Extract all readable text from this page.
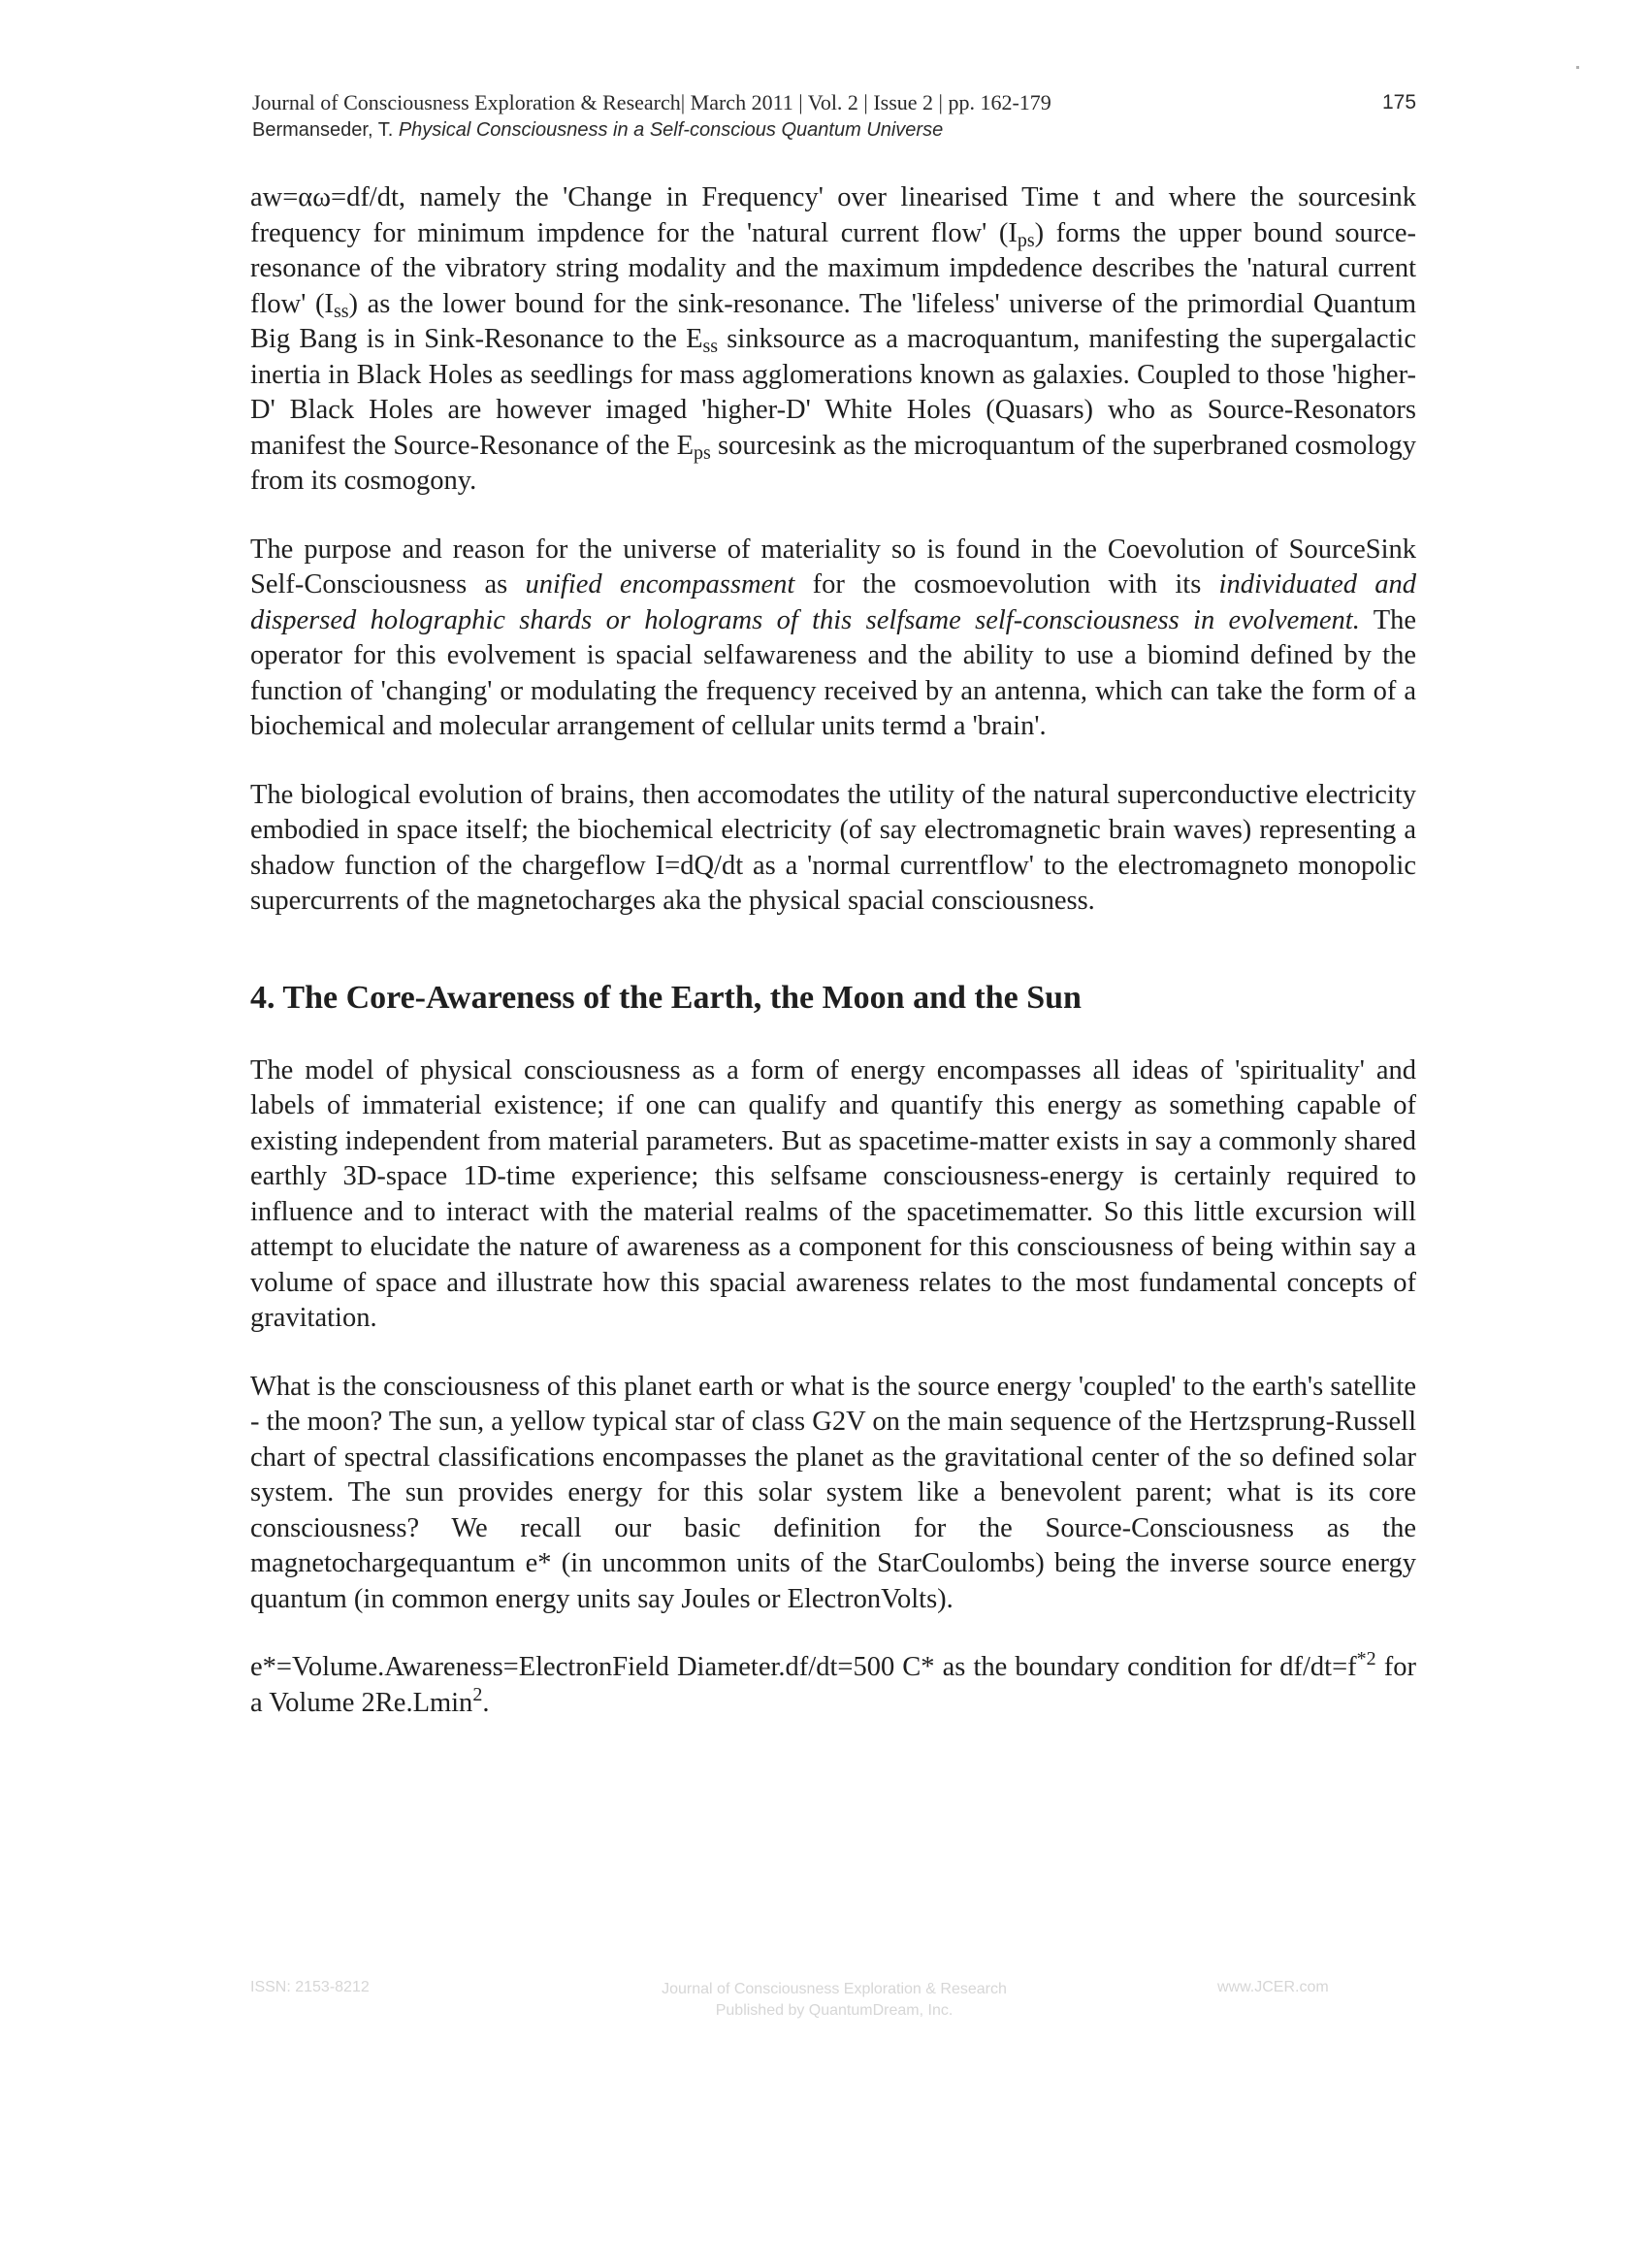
Journal of Consciousness Exploration & Research| March 2011 | Vol. 2 | Issue 2 | pp. 162-179
Bermanseder, T. Physical Consciousness in a Self-conscious Quantum Universe
175

aw=αω=df/dt, namely the 'Change in Frequency' over linearised Time t and where the sourcesink frequency for minimum impdence for the 'natural current flow' $(I_{ps})$ forms the upper bound source-resonance of the vibratory string modality and the maximum impdedence describes the 'natural current flow' $(I_{ss})$ as the lower bound for the sink-resonance. The 'lifeless' universe of the primordial Quantum Big Bang is in Sink-Resonance to the $E_{ss}$ sinksource as a macroquantum, manifesting the supergalactic inertia in Black Holes as seedlings for mass agglomerations known as galaxies. Coupled to those 'higher-D' Black Holes are however imaged 'higher-D' White Holes (Quasars) who as Source-Resonators manifest the Source-Resonance of the $E_{ps}$ sourcesink as the microquantum of the superbraned cosmology from its cosmogony.

The purpose and reason for the universe of materiality so is found in the Coevolution of SourceSink Self-Consciousness as unified encompassment for the cosmoevolution with its individuated and dispersed holographic shards or holograms of this selfsame self-consciousness in evolvement. The operator for this evolvement is spacial selfawareness and the ability to use a biomind defined by the function of 'changing' or modulating the frequency received by an antenna, which can take the form of a biochemical and molecular arrangement of cellular units termd a 'brain'.

The biological evolution of brains, then accomodates the utility of the natural superconductive electricity embodied in space itself; the biochemical electricity (of say electromagnetic brain waves) representing a shadow function of the chargeflow I=dQ/dt as a 'normal currentflow' to the electromagneto monopolic supercurrents of the magnetocharges aka the physical spacial consciousness.

4. The Core-Awareness of the Earth, the Moon and the Sun

The model of physical consciousness as a form of energy encompasses all ideas of 'spirituality' and labels of immaterial existence; if one can qualify and quantify this energy as something capable of existing independent from material parameters. But as spacetime-matter exists in say a commonly shared earthly 3D-space 1D-time experience; this selfsame consciousness-energy is certainly required to influence and to interact with the material realms of the spacetimematter. So this little excursion will attempt to elucidate the nature of awareness as a component for this consciousness of being within say a volume of space and illustrate how this spacial awareness relates to the most fundamental concepts of gravitation.

What is the consciousness of this planet earth or what is the source energy 'coupled' to the earth's satellite - the moon? The sun, a yellow typical star of class G2V on the main sequence of the Hertzsprung-Russell chart of spectral classifications encompasses the planet as the gravitational center of the so defined solar system. The sun provides energy for this solar system like a benevolent parent; what is its core consciousness? We recall our basic definition for the Source-Consciousness as the magnetochargequantum e* (in uncommon units of the StarCoulombs) being the inverse source energy quantum (in common energy units say Joules or ElectronVolts).

e*=Volume.Awareness=ElectronField Diameter.df/dt=500 C* as the boundary condition for $df/dt=f^{*2}$ for a Volume 2Re.Lmin$^2$.

ISSN: 2153-8212	Journal of Consciousness Exploration & Research
Published by QuantumDream, Inc.
www.JCER.com
